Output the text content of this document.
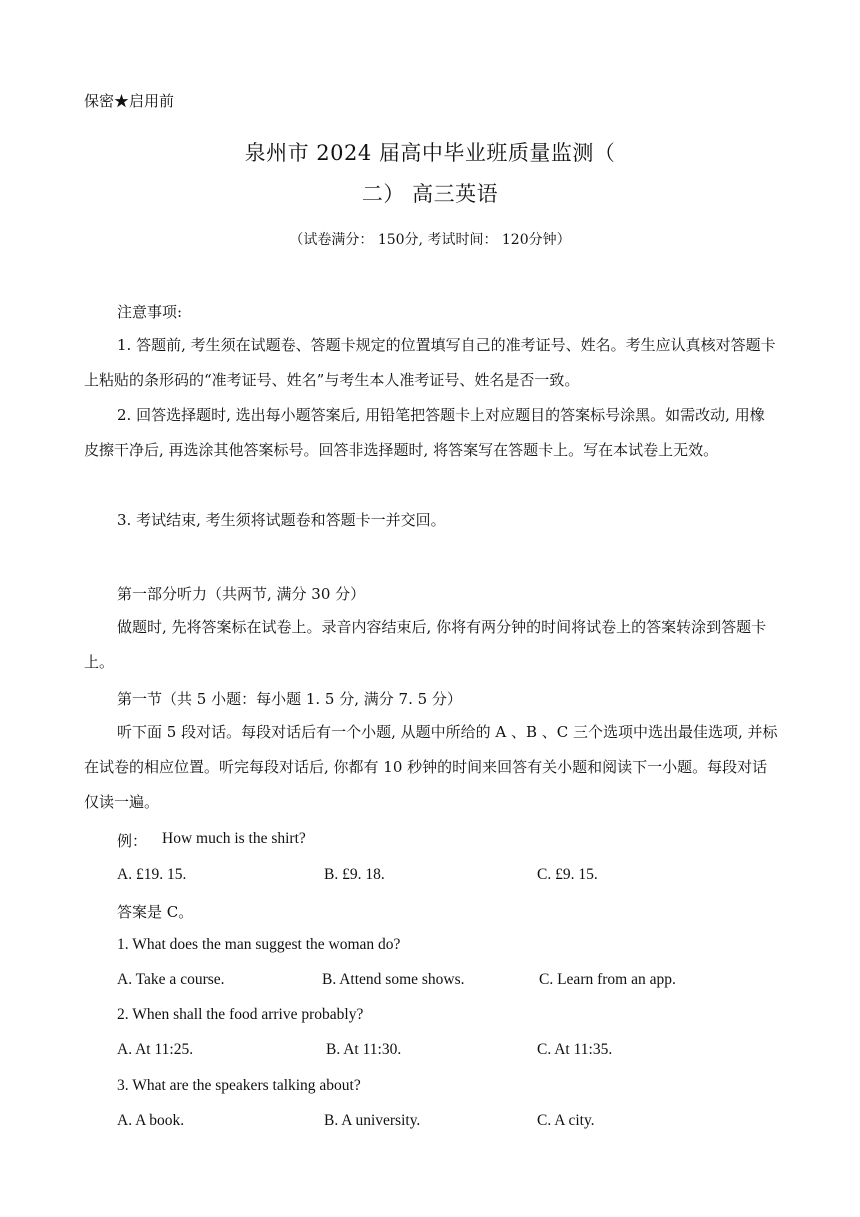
保密★启用前
泉州市 2024 届高中毕业班质量监测（
二） 高三英语
（试卷满分： 150分, 考试时间： 120分钟）
注意事项:
1. 答题前, 考生须在试题卷、答题卡规定的位置填写自己的准考证号、姓名。考生应认真核对答题卡上粘贴的条形码的“准考证号、姓名”与考生本人准考证号、姓名是否一致。
2. 回答选择题时, 选出每小题答案后, 用铅笔把答题卡上对应题目的答案标号涂黑。如需改动, 用橡皮擦干净后, 再选涂其他答案标号。回答非选择题时, 将答案写在答题卡上。写在本试卷上无效。
3. 考试结束, 考生须将试题卷和答题卡一并交回。
第一部分听力（共两节, 满分 30 分）
做题时, 先将答案标在试卷上。录音内容结束后, 你将有两分钟的时间将试卷上的答案转涂到答题卡上。
第一节（共 5 小题：每小题 1. 5 分, 满分 7. 5 分）
听下面 5 段对话。每段对话后有一个小题, 从题中所给的 A 、B 、C 三个选项中选出最佳选项, 并标在试卷的相应位置。听完每段对话后, 你都有 10 秒钟的时间来回答有关小题和阅读下一小题。每段对话仅读一遍。
例： How much is the shirt?
A. £19. 15.	B. £9. 18.	C. £9. 15.
答案是 C。
1. What does the man suggest the woman do?
A. Take a course.	B. Attend some shows.	C. Learn from an app.
2. When shall the food arrive probably?
A. At 11:25.	B. At 11:30.	C. At 11:35.
3. What are the speakers talking about?
A. A book.	B. A university.	C. A city.
